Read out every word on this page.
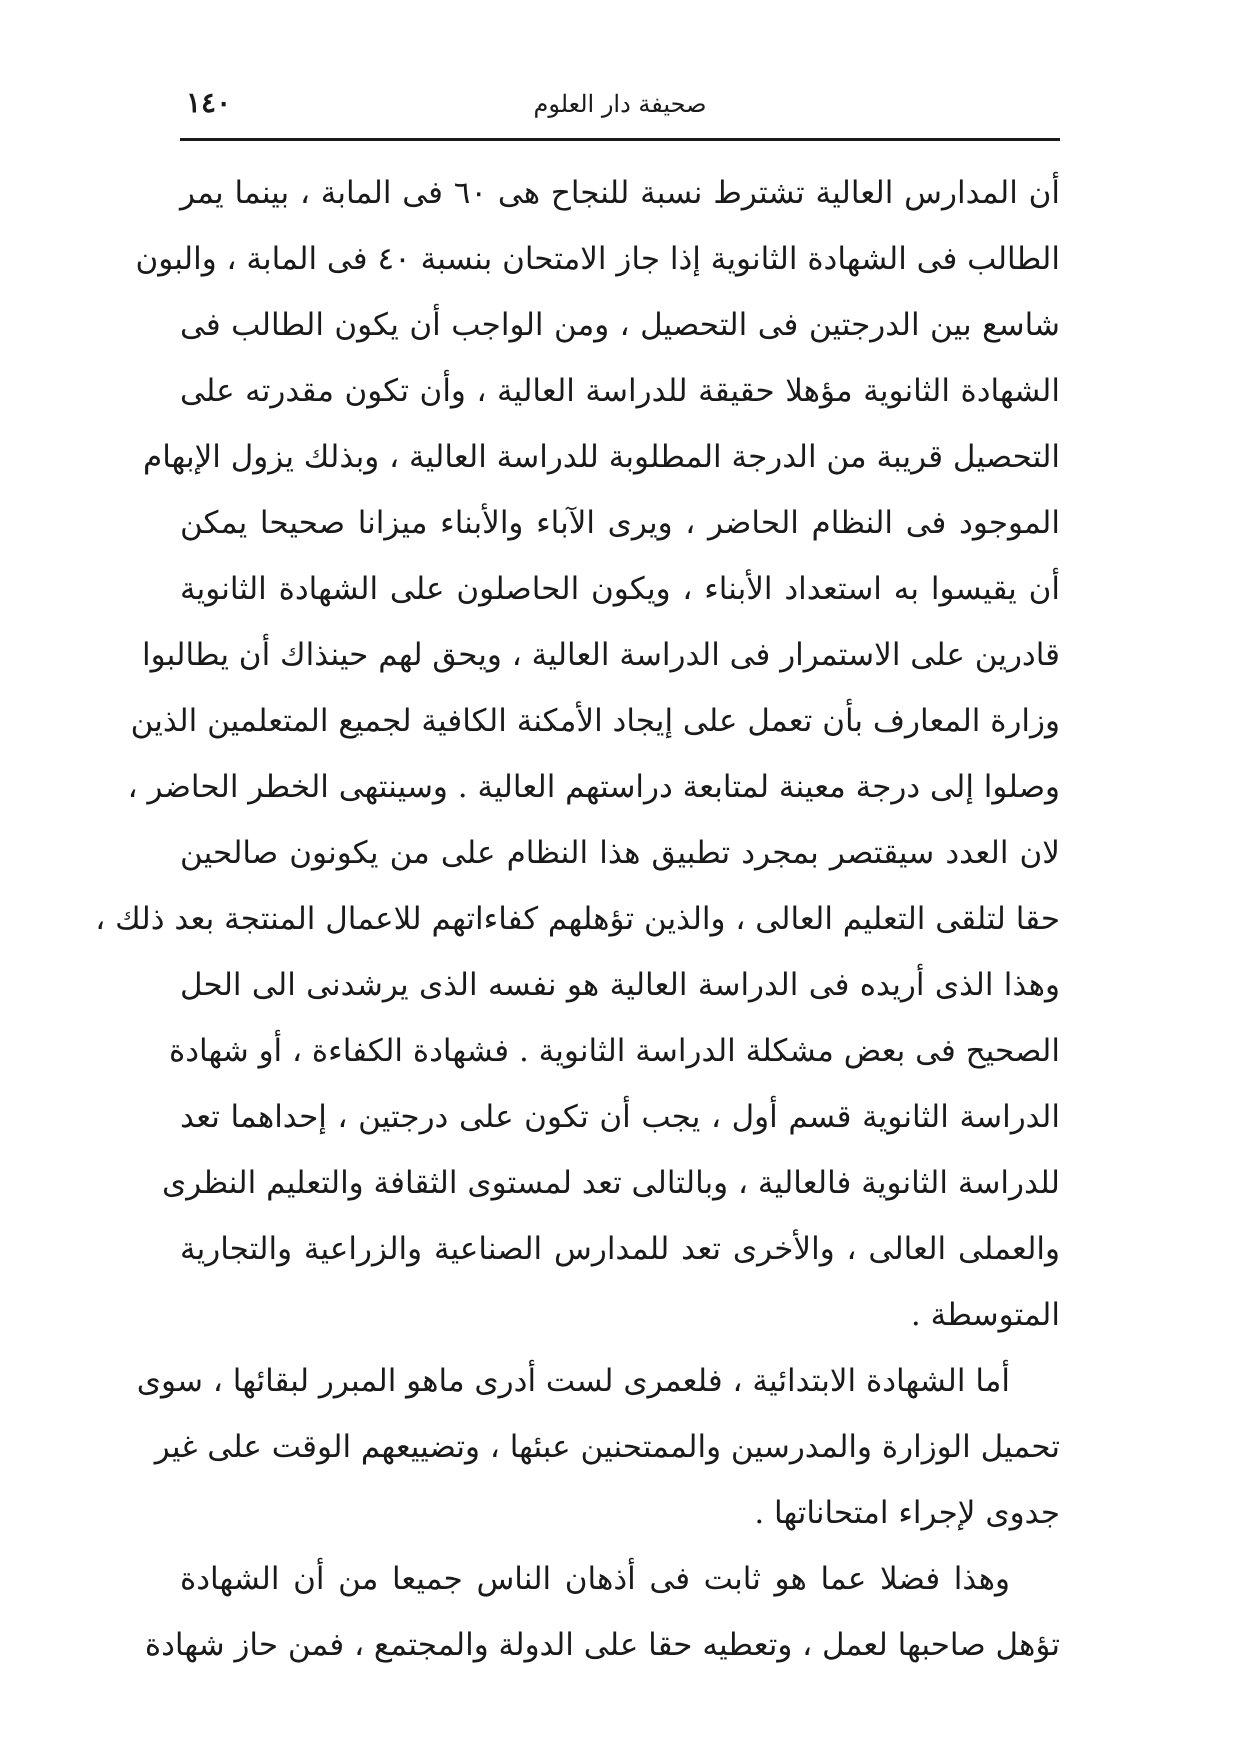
صحيفة دار العلوم
١٤٠
أن المدارس العالية تشترط نسبة للنجاح هى ٦٠ فى المابة ، بينما يمر
الطالب فى الشهادة الثانوية إذا جاز الامتحان بنسبة ٤٠ فى المابة ، والبون
شاسع بين الدرجتين فى التحصيل ، ومن الواجب أن يكون الطالب فى
الشهادة الثانوية مؤهلا حقيقة للدراسة العالية ، وأن تكون مقدرته على
التحصيل قريبة من الدرجة المطلوبة للدراسة العالية ، وبذلك يزول الإبهام
الموجود فى النظام الحاضر ، ويرى الآباء والأبناء ميزانا صحيحا يمكن
أن يقيسوا به استعداد الأبناء ، ويكون الحاصلون على الشهادة الثانوية
قادرين على الاستمرار فى الدراسة العالية ، ويحق لهم حينذاك أن يطالبوا
وزارة المعارف بأن تعمل على إيجاد الأمكنة الكافية لجميع المتعلمين الذين
وصلوا إلى درجة معينة لمتابعة دراستهم العالية . وسينتهى الخطر الحاضر ،
لان العدد سيقتصر بمجرد تطبيق هذا النظام على من يكونون صالحين
حقا لتلقى التعليم العالى ، والذين تؤهلهم كفاءاتهم للاعمال المنتجة بعد ذلك ،
وهذا الذى أريده فى الدراسة العالية هو نفسه الذى يرشدنى الى الحل
الصحيح فى بعض مشكلة الدراسة الثانوية . فشهادة الكفاءة ، أو شهادة
الدراسة الثانوية قسم أول ، يجب أن تكون على درجتين ، إحداهما تعد
للدراسة الثانوية فالعالية ، وبالتالى تعد لمستوى الثقافة والتعليم النظرى
والعملى العالى ، والأخرى تعد للمدارس الصناعية والزراعية والتجارية
المتوسطة .
أما الشهادة الابتدائية ، فلعمرى لست أدرى ماهو المبرر لبقائها ، سوى
تحميل الوزارة والمدرسين والممتحنين عبئها ، وتضييعهم الوقت على غير
جدوى لإجراء امتحاناتها .
وهذا فضلا عما هو ثابت فى أذهان الناس جميعا من أن الشهادة
تؤهل صاحبها لعمل ، وتعطيه حقا على الدولة والمجتمع ، فمن حاز شهادة
